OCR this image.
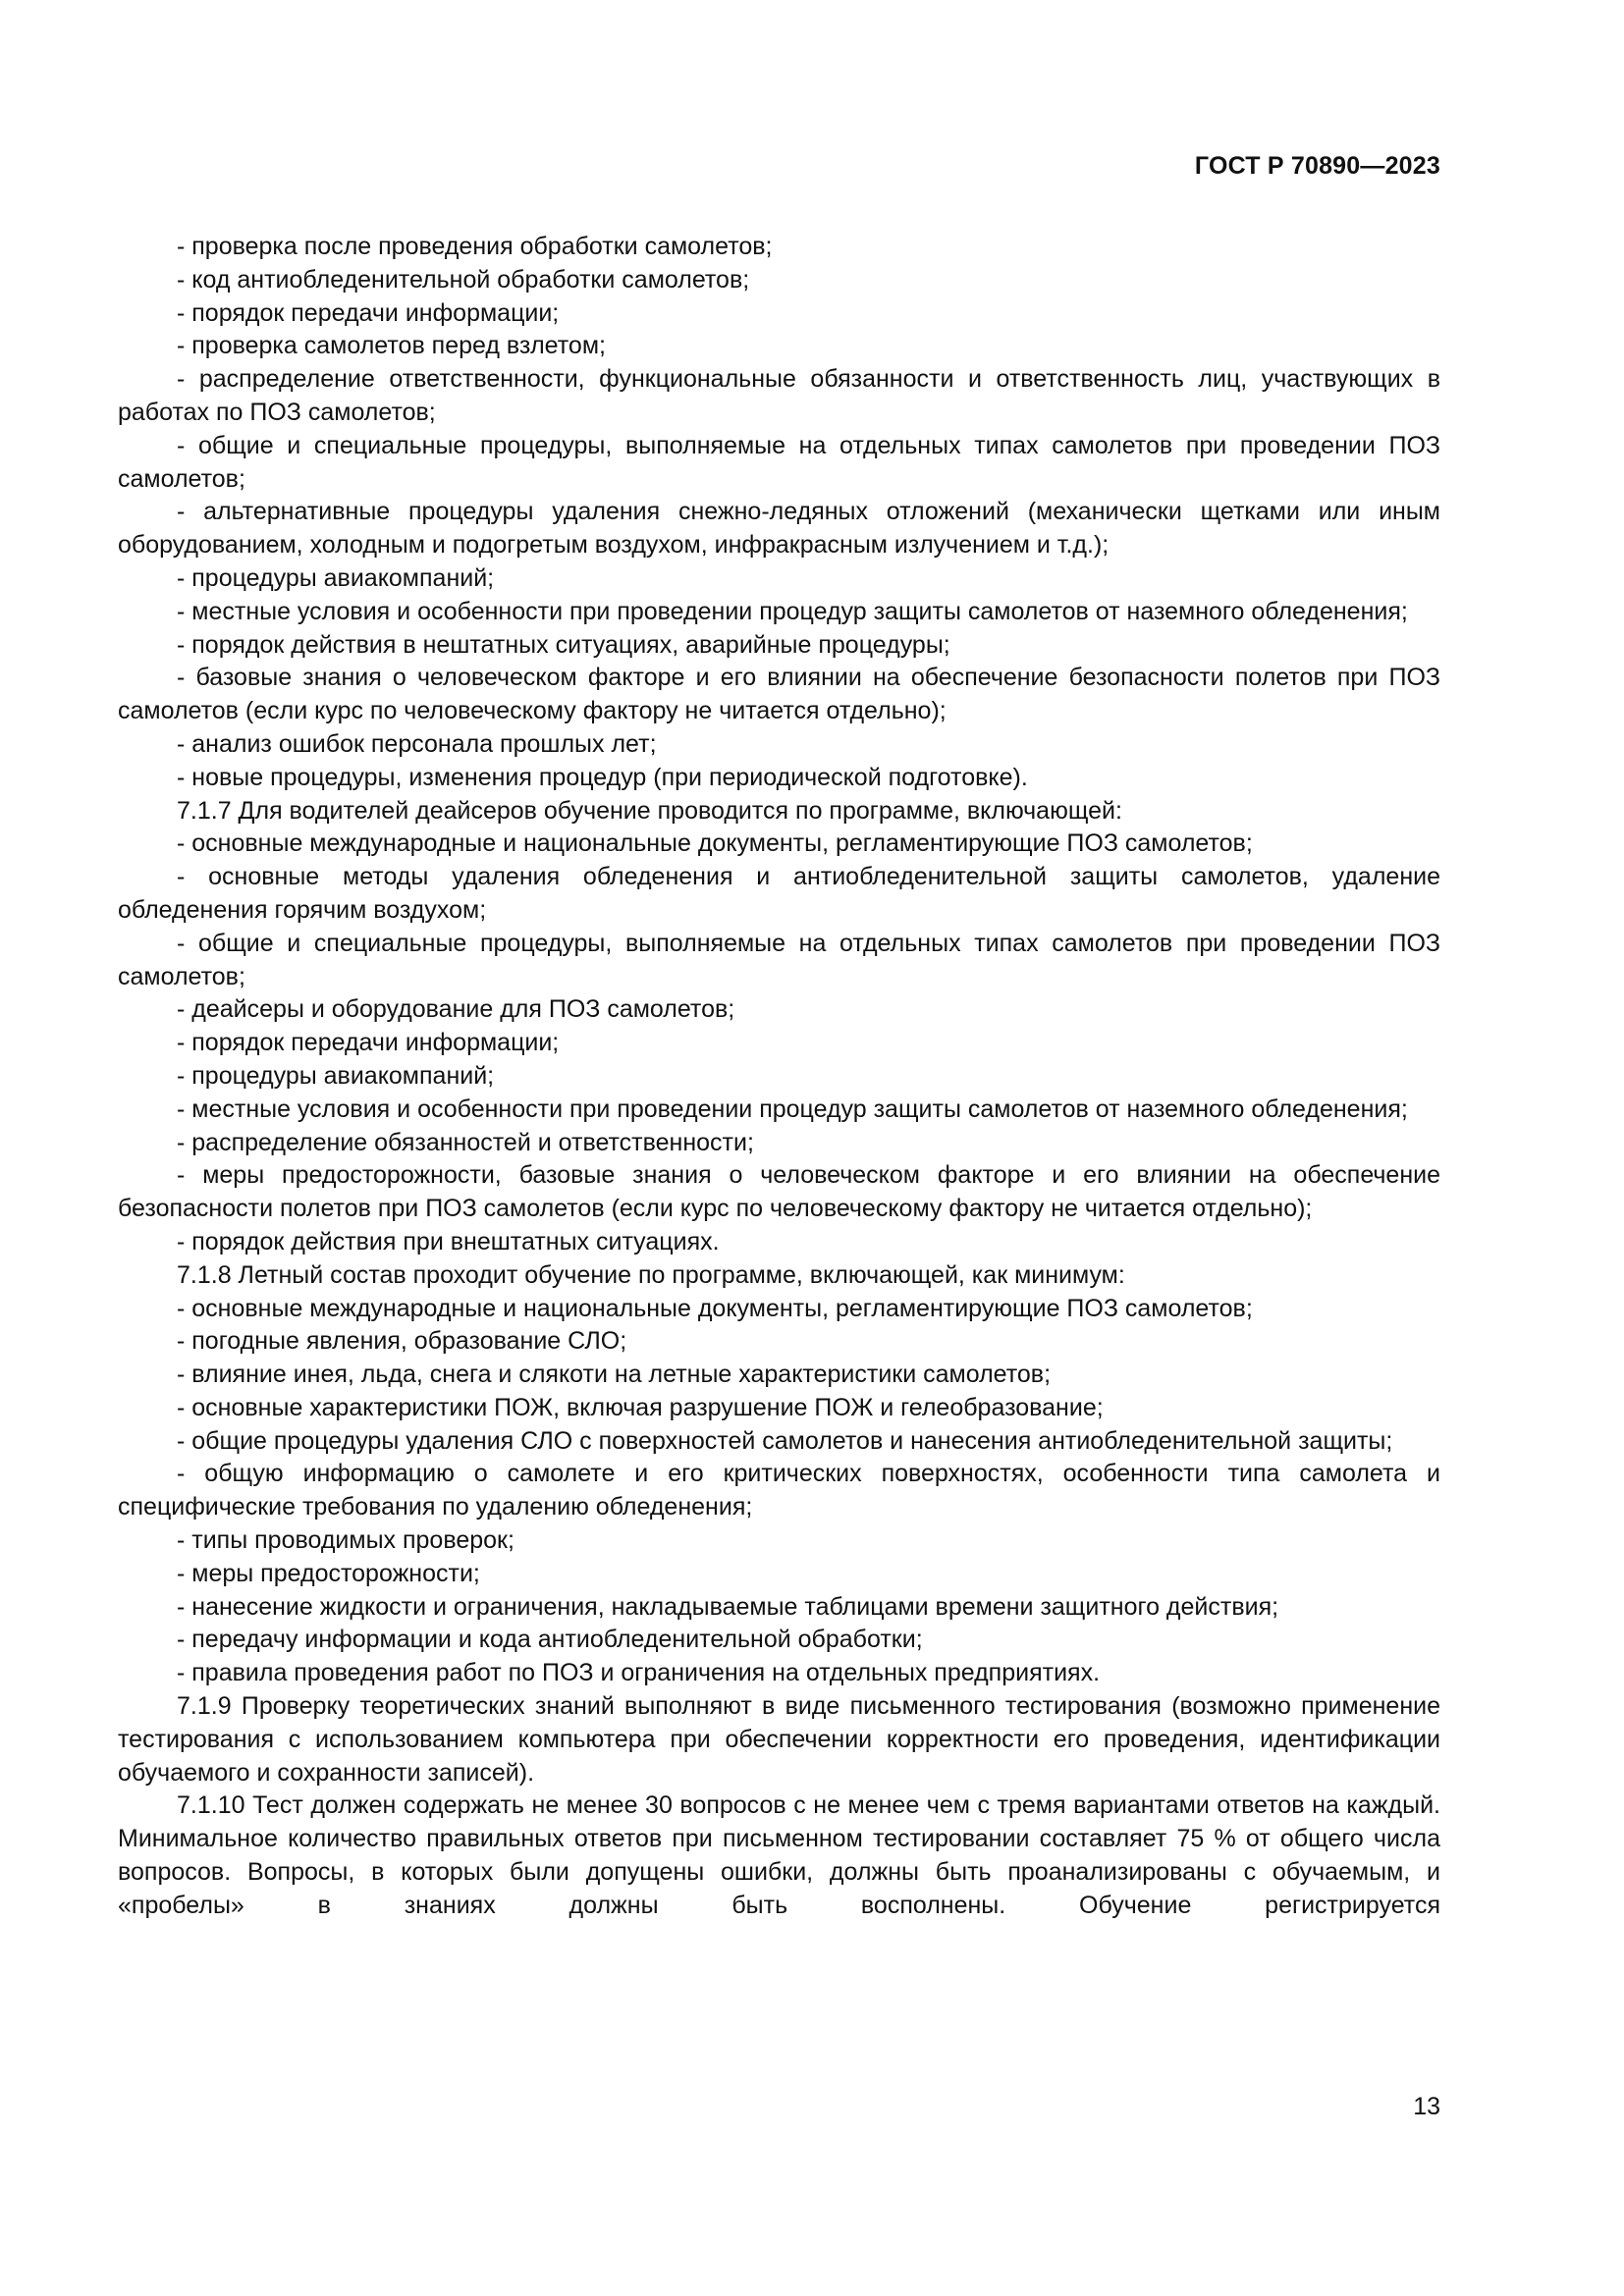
ГОСТ Р 70890—2023

- проверка после проведения обработки самолетов;

- код антиобледенительной обработки самолетов;

- порядок передачи информации;

- проверка самолетов перед взлетом;

- распределение ответственности, функциональные обязанности и ответственность лиц, участвующих в работах по ПОЗ самолетов;

- общие и специальные процедуры, выполняемые на отдельных типах самолетов при проведении ПОЗ самолетов;

- альтернативные процедуры удаления снежно-ледяных отложений (механически щетками или иным оборудованием, холодным и подогретым воздухом, инфракрасным излучением и т.д.);

- процедуры авиакомпаний;

- местные условия и особенности при проведении процедур защиты самолетов от наземного обледенения;

- порядок действия в нештатных ситуациях, аварийные процедуры;

- базовые знания о человеческом факторе и его влиянии на обеспечение безопасности полетов при ПОЗ самолетов (если курс по человеческому фактору не читается отдельно);

- анализ ошибок персонала прошлых лет;

- новые процедуры, изменения процедур (при периодической подготовке).

7.1.7 Для водителей деайсеров обучение проводится по программе, включающей:

- основные международные и национальные документы, регламентирующие ПОЗ самолетов;

- основные методы удаления обледенения и антиобледенительной защиты самолетов, удаление обледенения горячим воздухом;

- общие и специальные процедуры, выполняемые на отдельных типах самолетов при проведении ПОЗ самолетов;

- деайсеры и оборудование для ПОЗ самолетов;

- порядок передачи информации;

- процедуры авиакомпаний;

- местные условия и особенности при проведении процедур защиты самолетов от наземного обледенения;

- распределение обязанностей и ответственности;

- меры предосторожности, базовые знания о человеческом факторе и его влиянии на обеспечение безопасности полетов при ПОЗ самолетов (если курс по человеческому фактору не читается отдельно);

- порядок действия при внештатных ситуациях.

7.1.8 Летный состав проходит обучение по программе, включающей, как минимум:

- основные международные и национальные документы, регламентирующие ПОЗ самолетов;

- погодные явления, образование СЛО;

- влияние инея, льда, снега и слякоти на летные характеристики самолетов;

- основные характеристики ПОЖ, включая разрушение ПОЖ и гелеобразование;

- общие процедуры удаления СЛО с поверхностей самолетов и нанесения антиобледенительной защиты;

- общую информацию о самолете и его критических поверхностях, особенности типа самолета и специфические требования по удалению обледенения;

- типы проводимых проверок;

- меры предосторожности;

- нанесение жидкости и ограничения, накладываемые таблицами времени защитного действия;

- передачу информации и кода антиобледенительной обработки;

- правила проведения работ по ПОЗ и ограничения на отдельных предприятиях.

7.1.9 Проверку теоретических знаний выполняют в виде письменного тестирования (возможно применение тестирования с использованием компьютера при обеспечении корректности его проведения, идентификации обучаемого и сохранности записей).

7.1.10 Тест должен содержать не менее 30 вопросов с не менее чем с тремя вариантами ответов на каждый. Минимальное количество правильных ответов при письменном тестировании составляет 75 % от общего числа вопросов. Вопросы, в которых были допущены ошибки, должны быть проанализированы с обучаемым, и «пробелы» в знаниях должны быть восполнены. Обучение регистрируется

13
